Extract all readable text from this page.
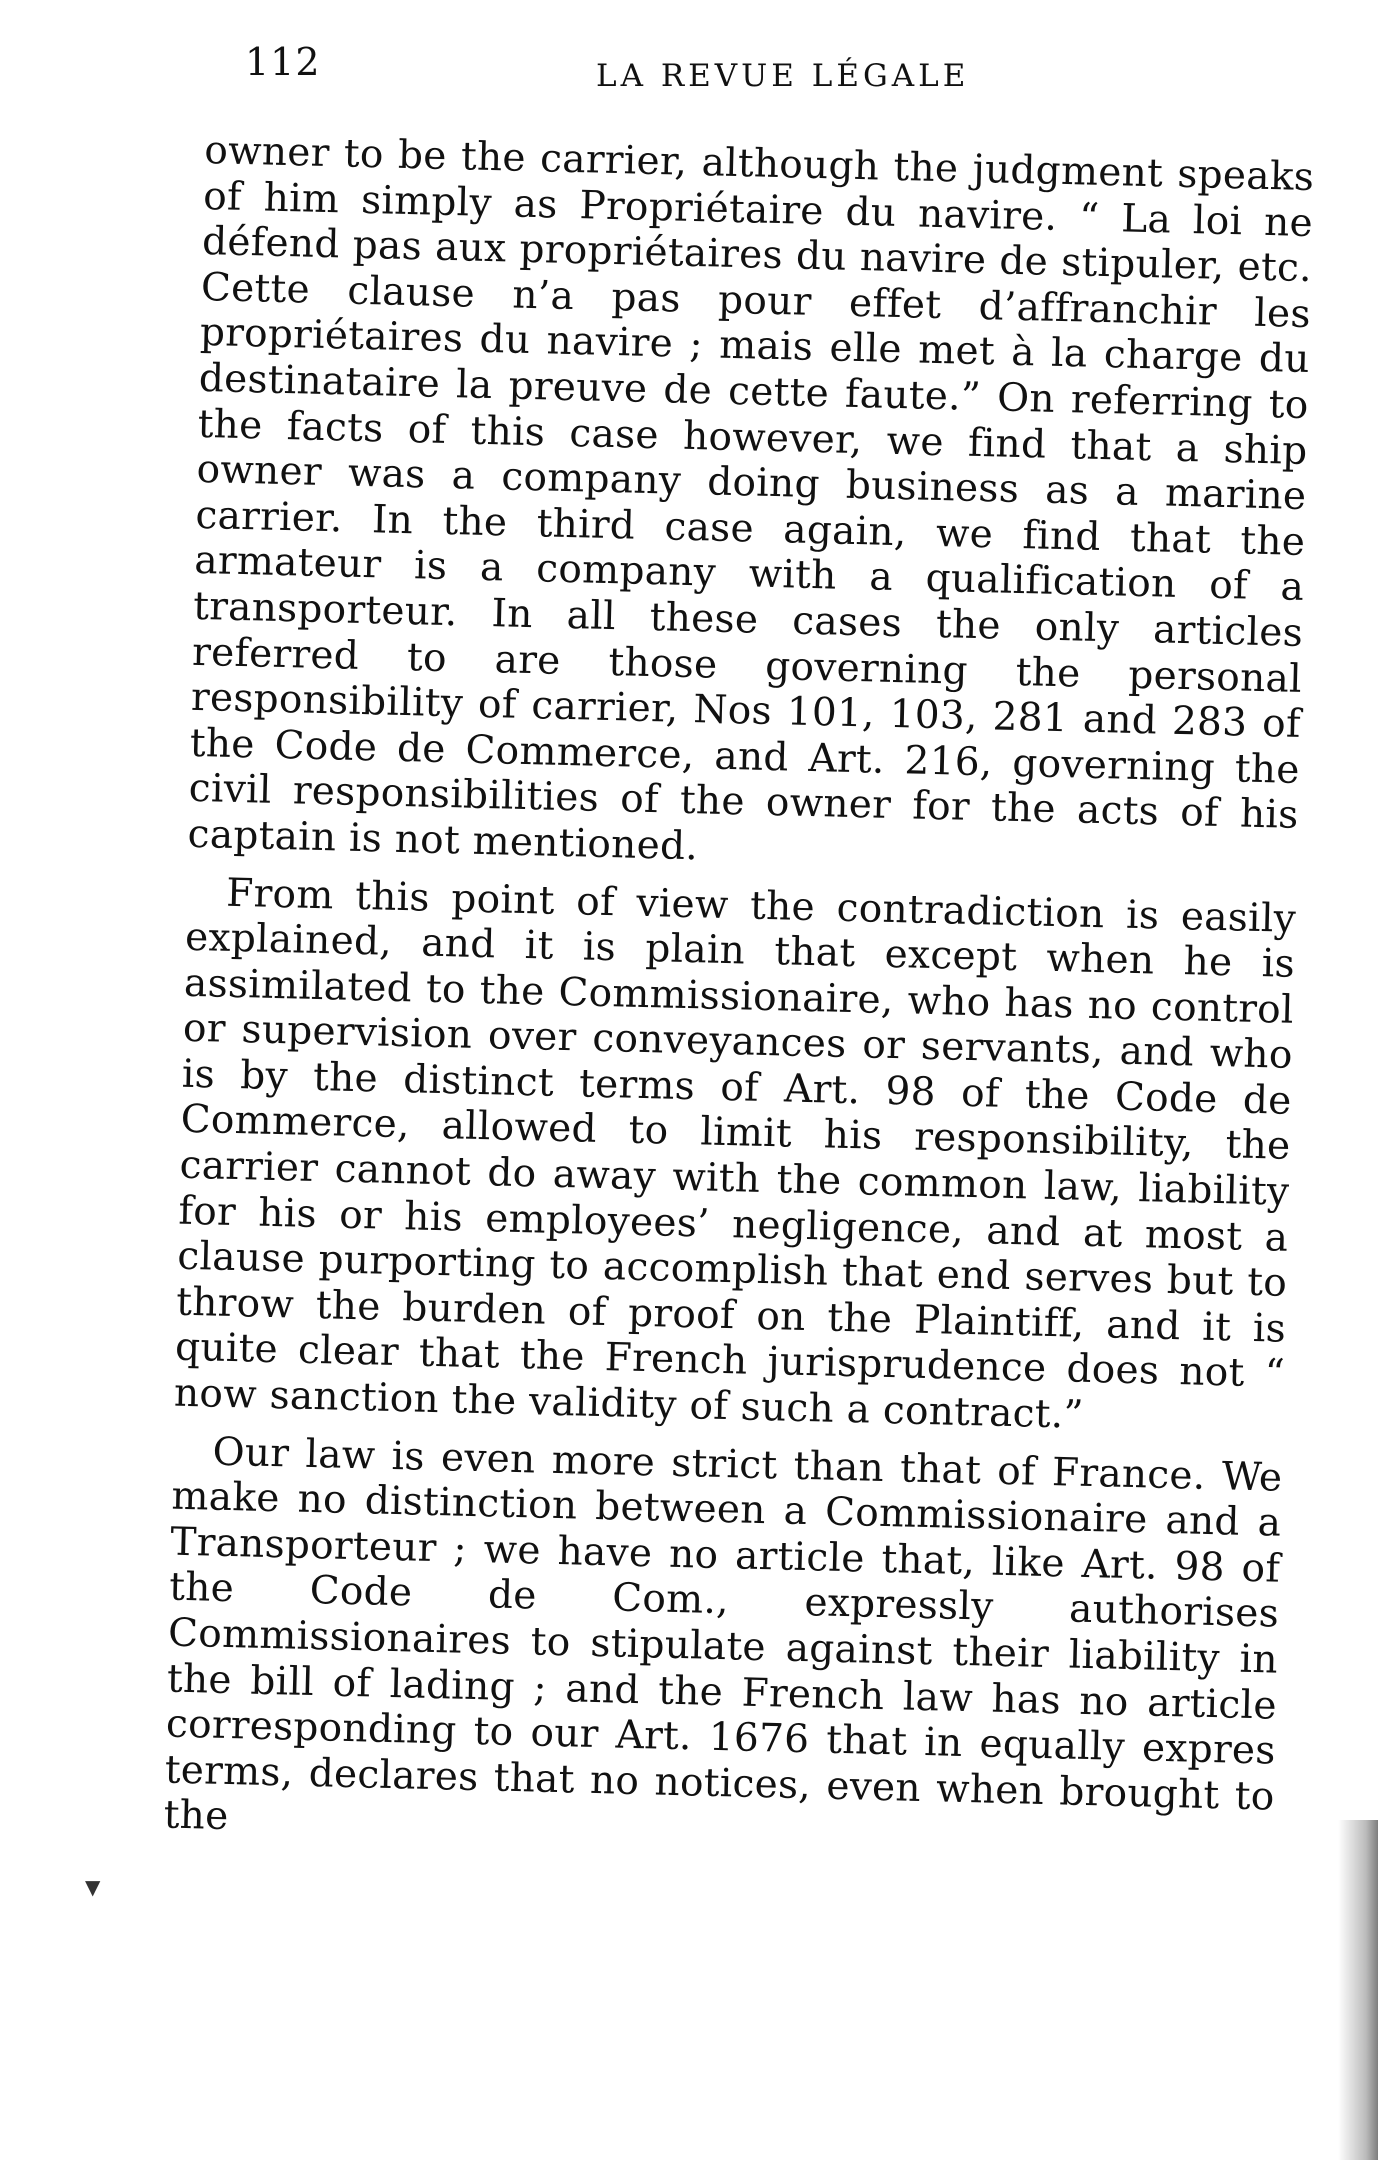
112	LA REVUE LÉGALE

owner to be the carrier, although the judgment speaks of him simply as Propriétaire du navire. “ La loi ne défend pas aux propriétaires du navire de stipuler, etc. Cette clause n’a pas pour effet d’affranchir les propriétaires du navire ; mais elle met à la charge du destinataire la preuve de cette faute.” On referring to the facts of this case however, we find that a ship owner was a company doing business as a marine carrier. In the third case again, we find that the armateur is a company with a qualification of a transporteur. In all these cases the only articles referred to are those governing the personal responsibility of carrier, Nos 101, 103, 281 and 283 of the Code de Commerce, and Art. 216, governing the civil responsibilities of the owner for the acts of his captain is not mentioned.

From this point of view the contradiction is easily explained, and it is plain that except when he is assimilated to the Commissionaire, who has no control or supervision over conveyances or servants, and who is by the distinct terms of Art. 98 of the Code de Commerce, allowed to limit his responsibility, the carrier cannot do away with the common law, liability for his or his employees’ negligence, and at most a clause purporting to accomplish that end serves but to throw the burden of proof on the Plaintiff, and it is quite clear that the French jurisprudence does not “ now sanction the validity of such a contract.”

Our law is even more strict than that of France. We make no distinction between a Commissionaire and a Transporteur ; we have no article that, like Art. 98 of the Code de Com., expressly authorises Commissionaires to stipulate against their liability in the bill of lading ; and the French law has no article corresponding to our Art. 1676 that in equally expres terms, declares that no notices, even when brought to the

▼
